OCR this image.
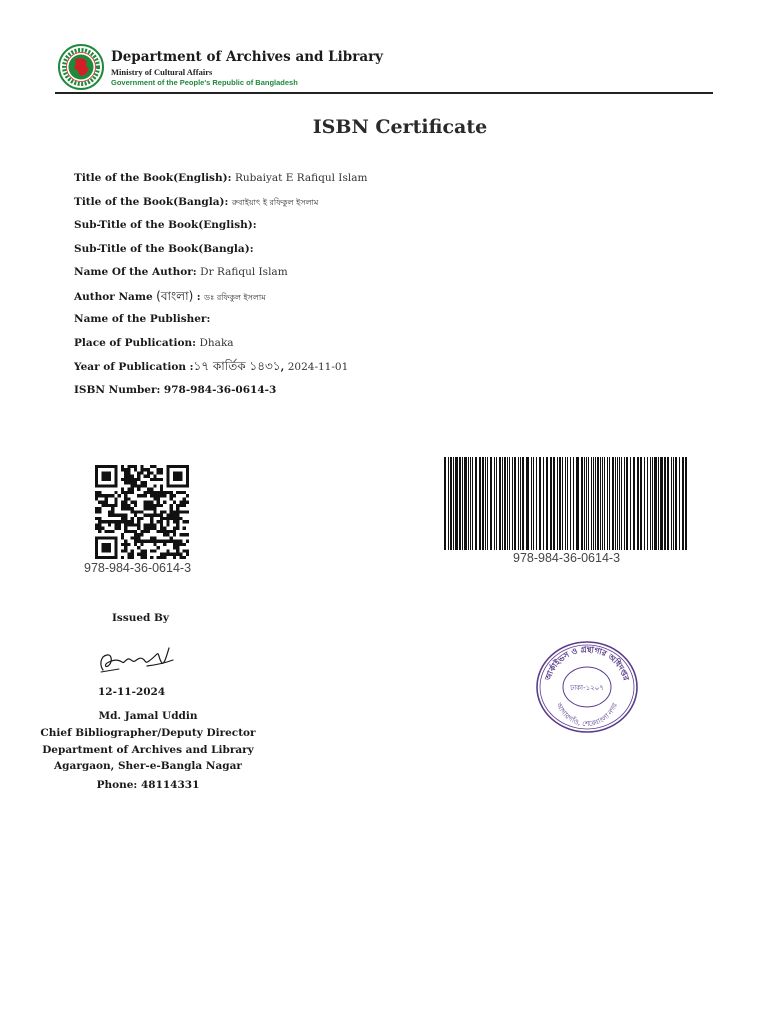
Department of Archives and Library
Ministry of Cultural Affairs
Government of the People's Republic of Bangladesh
ISBN Certificate
Title of the Book(English): Rubaiyat E Rafiqul Islam
Title of the Book(Bangla): রুবাইয়াৎ ই রফিকুল ইসলাম
Sub-Title of the Book(English):
Sub-Title of the Book(Bangla):
Name Of the Author: Dr Rafiqul Islam
Author Name (বাংলা) : ডঃ রফিকুল ইসলাম
Name of the Publisher:
Place of Publication: Dhaka
Year of Publication :১৭ কার্তিক ১৪৩১, 2024-11-01
ISBN Number: 978-984-36-0614-3
978-984-36-0614-3
978-984-36-0614-3
Issued By
12-11-2024
Md. Jamal Uddin
Chief Bibliographer/Deputy Director
Department of Archives and Library
Agargaon, Sher-e-Bangla Nagar
Phone: 48114331
আর্কাইভস ও গ্রন্থাগার অধিদপ্তর
আগারগাঁও, শেরেবাংলা নগর
ঢাকা-১২০৭
